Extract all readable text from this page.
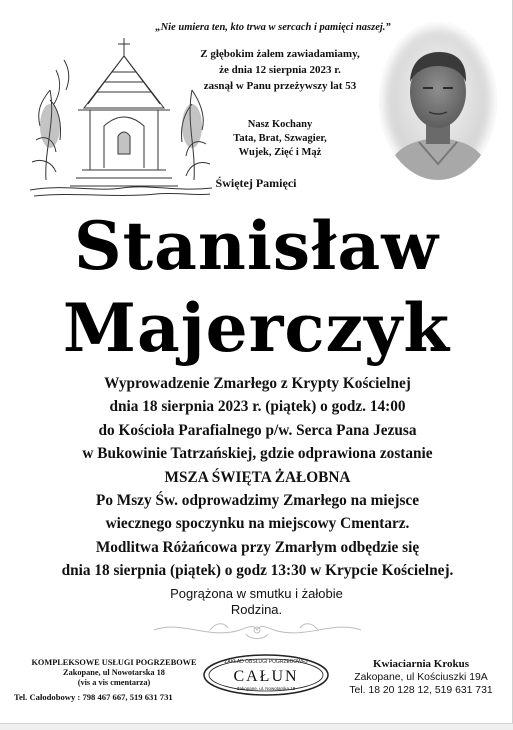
„Nie umiera ten, kto trwa w sercach i pamięci naszej.”
Z głębokim żalem zawiadamiamy,
że dnia 12 sierpnia 2023 r.
zasnął w Panu przeżywszy lat 53
Nasz Kochany
Tata, Brat, Szwagier,
Wujek, Zięć i Mąż
Świętej Pamięci
Stanisław
Majerczyk
Wyprowadzenie Zmarłego z Krypty Kościelnej
dnia 18 sierpnia 2023 r. (piątek) o godz. 14:00
do Kościoła Parafialnego p/w. Serca Pana Jezusa
w Bukowinie Tatrzańskiej, gdzie odprawiona zostanie
MSZA ŚWIĘTA ŻAŁOBNA
Po Mszy Św. odprowadzimy Zmarłego na miejsce
wiecznego spoczynku na miejscowy Cmentarz.
Modlitwa Różańcowa przy Zmarłym odbędzie się
dnia 18 sierpnia (piątek) o godz 13:30 w Krypcie Kościelnej.
Pogrążona w smutku i żałobie
Rodzina.
KOMPLEKSOWE USŁUGI POGRZEBOWE
Zakopane, ul Nowotarska 18
(vis a vis cmentarza)
Tel. Całodobowy : 798 467 667, 519 631 731
ZAKŁAD OBSŁUGI POGRZEBOWEJ
CAŁUN
Zakopane, ul. Nowotarska 18
Kwiaciarnia Krokus
Zakopane, ul Kościuszki 19A
Tel. 18 20 128 12, 519 631 731
